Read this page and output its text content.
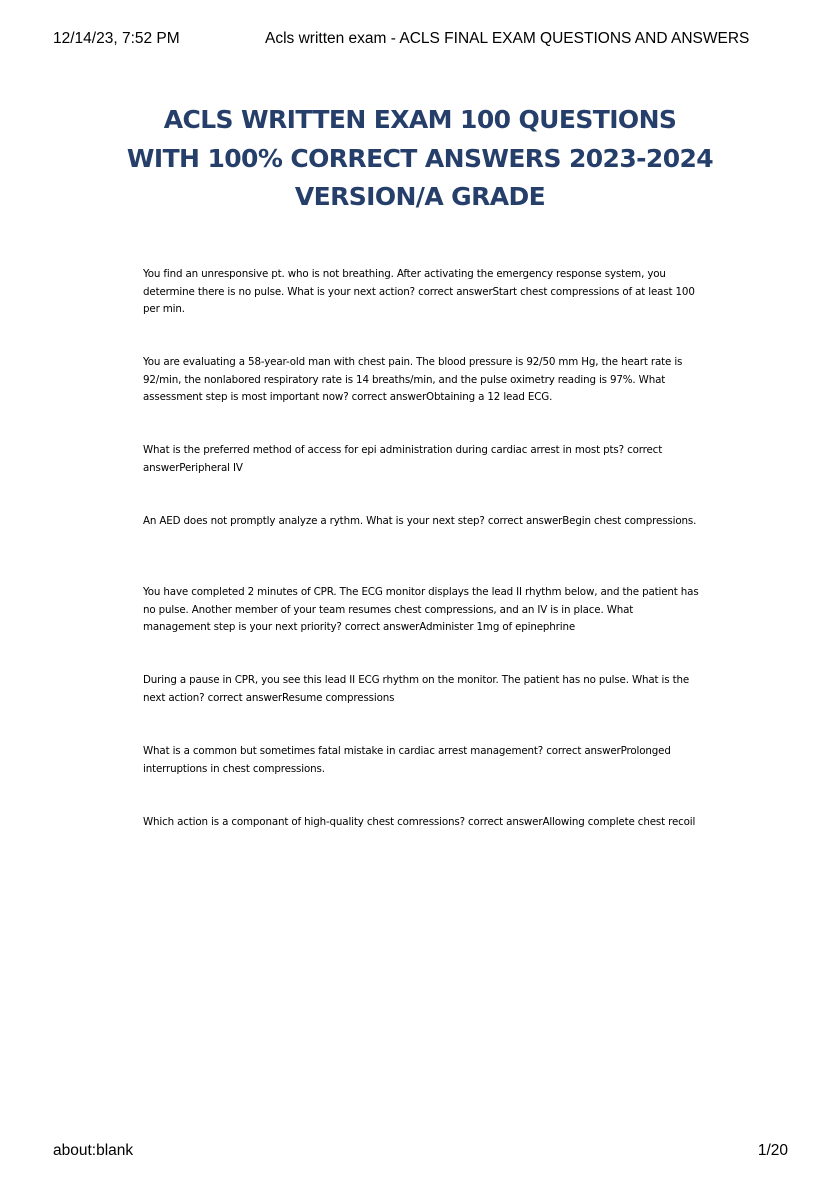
12/14/23, 7:52 PM	Acls written exam - ACLS FINAL EXAM QUESTIONS AND ANSWERS
ACLS WRITTEN EXAM 100 QUESTIONS
WITH 100% CORRECT ANSWERS 2023-2024
VERSION/A GRADE

You find an unresponsive pt. who is not breathing. After activating the emergency response system, you determine there is no pulse. What is your next action? correct answerStart chest compressions of at least 100 per min.

You are evaluating a 58-year-old man with chest pain. The blood pressure is 92/50 mm Hg, the heart rate is 92/min, the nonlabored respiratory rate is 14 breaths/min, and the pulse oximetry reading is 97%. What assessment step is most important now? correct answerObtaining a 12 lead ECG.

What is the preferred method of access for epi administration during cardiac arrest in most pts? correct answerPeripheral IV

An AED does not promptly analyze a rythm. What is your next step? correct answerBegin chest compressions.

You have completed 2 minutes of CPR. The ECG monitor displays the lead II rhythm below, and the patient has no pulse. Another member of your team resumes chest compressions, and an IV is in place. What management step is your next priority? correct answerAdminister 1mg of epinephrine

During a pause in CPR, you see this lead II ECG rhythm on the monitor. The patient has no pulse. What is the next action? correct answerResume compressions

What is a common but sometimes fatal mistake in cardiac arrest management? correct answerProlonged interruptions in chest compressions.

Which action is a componant of high-quality chest comressions? correct answerAllowing complete chest recoil

about:blank	1/20
